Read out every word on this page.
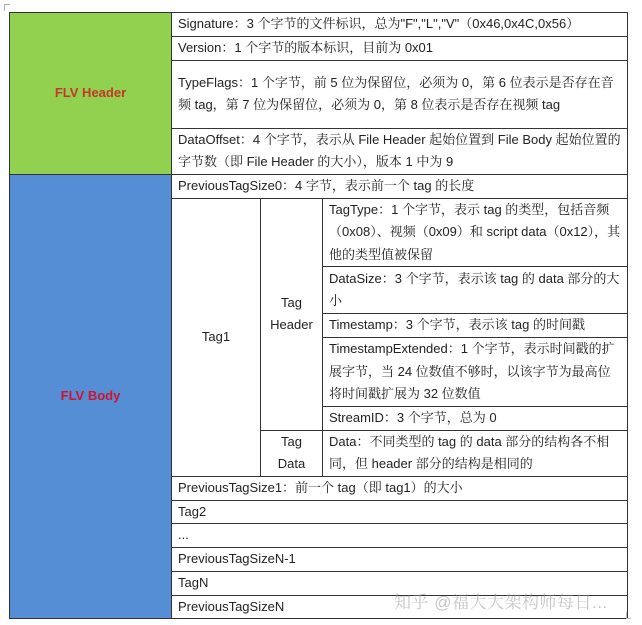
FLV Header	Signature：3 个字节的文件标识，总为"F","L","V"（0x46,0x4C,0x56）		
	Version：1 个字节的版本标识，目前为 0x01		
	TypeFlags：1 个字节，前 5 位为保留位，必须为 0，第 6 位表示是否存在音频 tag，第 7 位为保留位，必须为 0，第 8 位表示是否存在视频 tag		
	DataOffset：4 个字节，表示从 File Header 起始位置到 File Body 起始位置的字节数（即 File Header 的大小），版本 1 中为 9		
FLV Body	PreviousTagSize0：4 字节，表示前一个 tag 的长度		
	Tag1	Tag Header	TagType：1 个字节，表示 tag 的类型，包括音频（0x08）、视频（0x09）和 script data（0x12），其他的类型值被保留
			DataSize：3 个字节，表示该 tag 的 data 部分的大小
			Timestamp：3 个字节，表示该 tag 的时间戳
			TimestampExtended：1 个字节，表示时间戳的扩展字节，当 24 位数值不够时，以该字节为最高位将时间戳扩展为 32 位数值
			StreamID：3 个字节，总为 0
		Tag Data	Data：不同类型的 tag 的 data 部分的结构各不相同，但 header 部分的结构是相同的
	PreviousTagSize1：前一个 tag（即 tag1）的大小		
	Tag2		
	...		
	PreviousTagSizeN-1		
	TagN		
	PreviousTagSizeN			知乎 @福大大架构师每日...
